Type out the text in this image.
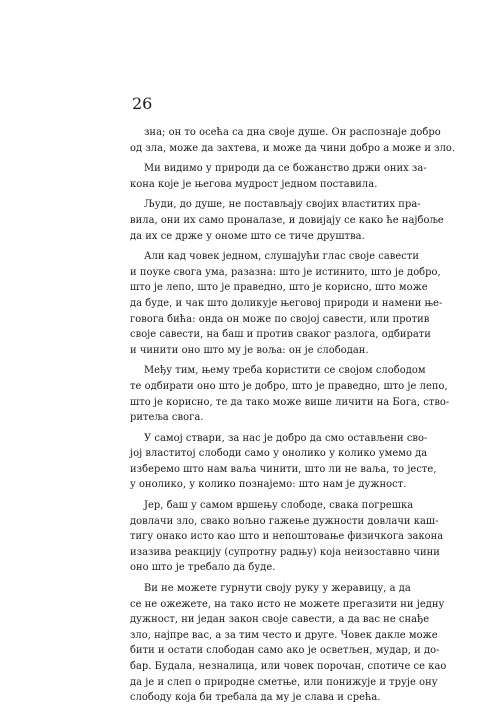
26
зна; он то осећа са дна своје душе. Он распознаје добро
од зла, може да захтева, и може да чини добро а може и зло.
Ми видимо у природи да се божанство држи оних за-
кона које је његова мудрост једном поставила.
Људи, до душе, не постављају својих властитих пра-
вила, они их само проналазе, и довијају се како ће најбоље
да их се држе у ономе што се тиче друштва.
Али кад човек једном, слушајући глас своје савести
и поуке свога ума, разазна: што је истинито, што је добро,
што је лепо, што је праведно, што је корисно, што може
да буде, и чак што доликује његовој природи и намени ње-
говога бића: онда он може по својој савести, или против
своје савести, на баш и против сваког разлога, одбирати
и чинити оно што му је воља: он је слободан.
Међу тим, њему треба користити се својом слободом
те одбирати оно што је добро, што је праведно, што је лепо,
што је корисно, те да тако може више личити на Бога, ство-
ритеља свога.
У самој ствари, за нас је добро да смо остављени сво-
јој властитој слободи само у онолико у колико умемо да
изберемо што нам ваља чинити, што ли не ваља, то јесте,
у онолико, у колико познајемо: што нам је дужност.
Јер, баш у самом вршењу слободе, свака погрешка
довлачи зло, свако вољно гажење дужности довлачи каш-
тигу онако исто као што и непоштовање физичкога закона
изазива реакцију (супротну радњу) која неизоставно чини
оно што је требало да буде.
Ви не можете гурнути своју руку у жеравицу, а да
се не ожежете, на тако исто не можете прегазити ни једну
дужност, ни један закон своје савести, а да вас не снађе
зло, најпре вас, а за тим често и друге. Човек дакле може
бити и остати слободан само ако је осветљен, мудар, и до-
бар. Будала, незналица, или човек порочан, спотиче се као
да је и слеп о природне сметње, или понижује и трује ону
слободу која би требала да му је слава и срећа.
